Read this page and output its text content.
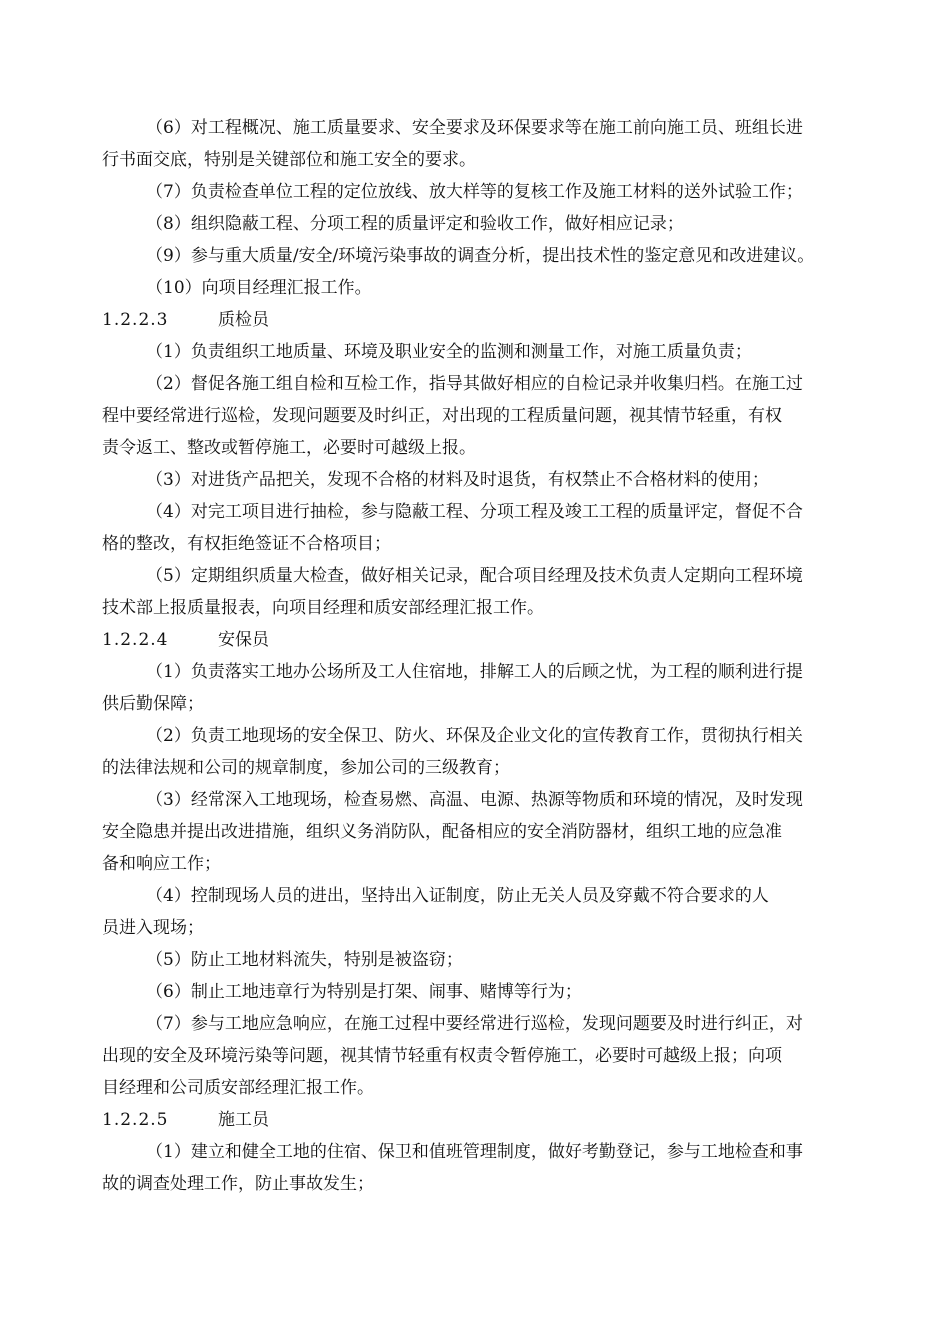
（6）对工程概况、施工质量要求、安全要求及环保要求等在施工前向施工员、班组长进
行书面交底，特别是关键部位和施工安全的要求。
（7）负责检查单位工程的定位放线、放大样等的复核工作及施工材料的送外试验工作；
（8）组织隐蔽工程、分项工程的质量评定和验收工作，做好相应记录；
（9）参与重大质量/安全/环境污染事故的调查分析，提出技术性的鉴定意见和改进建议。
（10）向项目经理汇报工作。
1.2.2.3	质检员
（1）负责组织工地质量、环境及职业安全的监测和测量工作，对施工质量负责；
（2）督促各施工组自检和互检工作，指导其做好相应的自检记录并收集归档。在施工过
程中要经常进行巡检，发现问题要及时纠正，对出现的工程质量问题，视其情节轻重，有权
责令返工、整改或暂停施工，必要时可越级上报。
（3）对进货产品把关，发现不合格的材料及时退货，有权禁止不合格材料的使用；
（4）对完工项目进行抽检，参与隐蔽工程、分项工程及竣工工程的质量评定，督促不合
格的整改，有权拒绝签证不合格项目；
（5）定期组织质量大检查，做好相关记录，配合项目经理及技术负责人定期向工程环境
技术部上报质量报表，向项目经理和质安部经理汇报工作。
1.2.2.4	安保员
（1）负责落实工地办公场所及工人住宿地，排解工人的后顾之忧，为工程的顺利进行提
供后勤保障；
（2）负责工地现场的安全保卫、防火、环保及企业文化的宣传教育工作，贯彻执行相关
的法律法规和公司的规章制度，参加公司的三级教育；
（3）经常深入工地现场，检查易燃、高温、电源、热源等物质和环境的情况，及时发现
安全隐患并提出改进措施，组织义务消防队，配备相应的安全消防器材，组织工地的应急准
备和响应工作；
（4）控制现场人员的进出，坚持出入证制度，防止无关人员及穿戴不符合要求的人
员进入现场；
（5）防止工地材料流失，特别是被盗窃；
（6）制止工地违章行为特别是打架、闹事、赌博等行为；
（7）参与工地应急响应，在施工过程中要经常进行巡检，发现问题要及时进行纠正，对
出现的安全及环境污染等问题，视其情节轻重有权责令暂停施工，必要时可越级上报；向项
目经理和公司质安部经理汇报工作。
1.2.2.5	施工员
（1）建立和健全工地的住宿、保卫和值班管理制度，做好考勤登记，参与工地检查和事
故的调查处理工作，防止事故发生；
